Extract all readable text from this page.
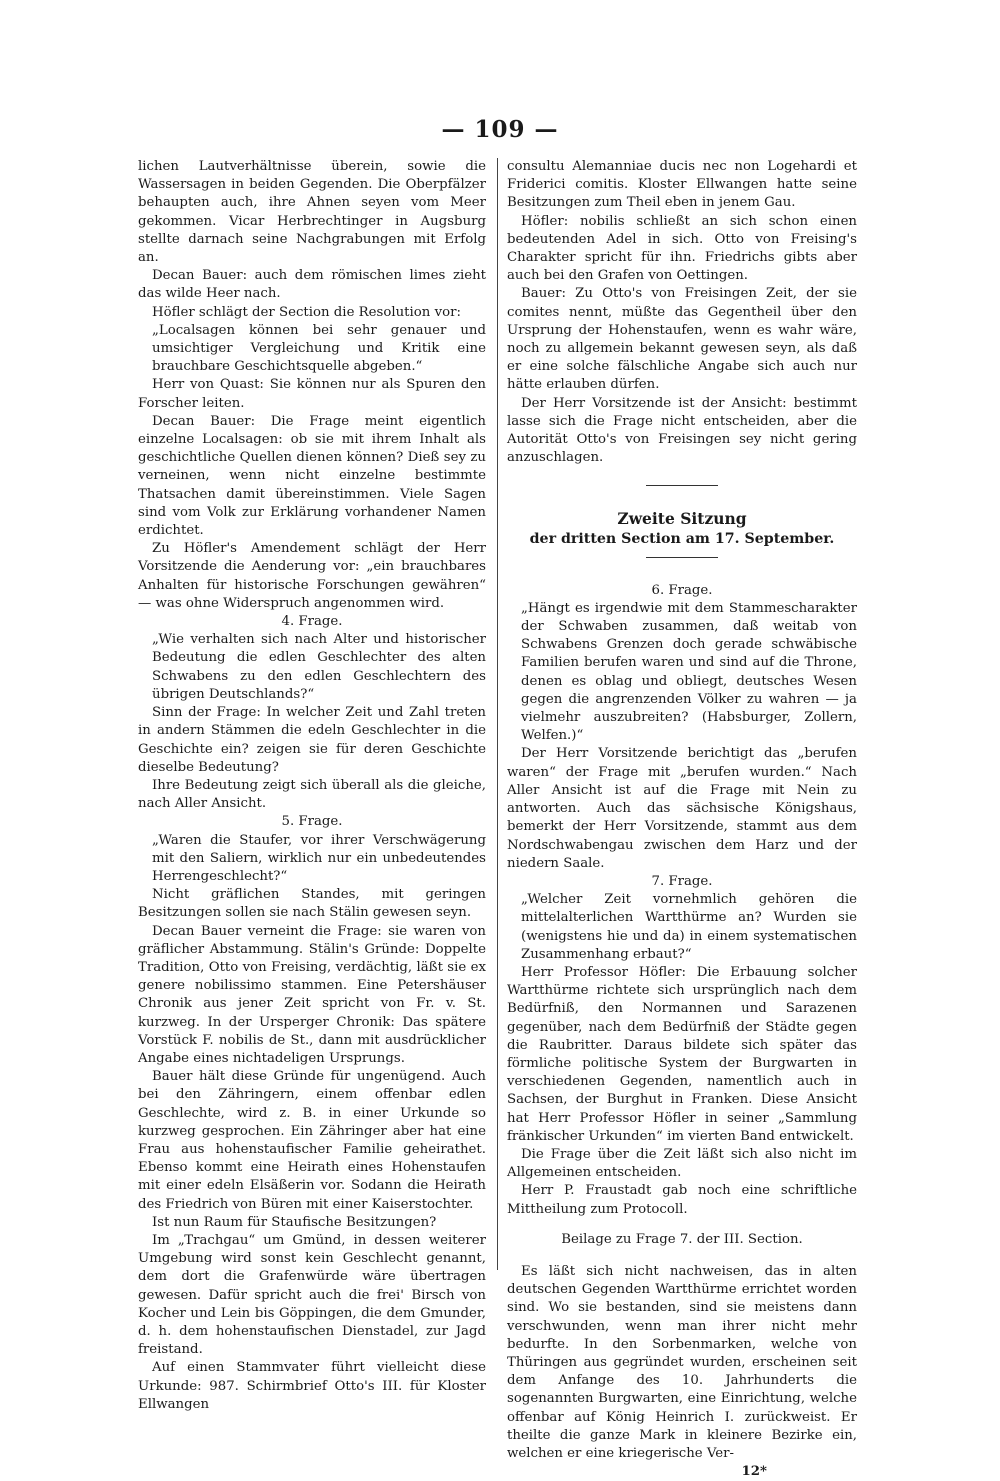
— 109 —

lichen Lautverhältnisse überein, sowie die Wassersagen in beiden Gegenden. Die Oberpfälzer behaupten auch, ihre Ahnen seyen vom Meer gekommen. Vicar Herbrechtinger in Augsburg stellte darnach seine Nachgrabungen mit Erfolg an.

Decan Bauer: auch dem römischen limes zieht das wilde Heer nach.

Höfler schlägt der Section die Resolution vor:

„Localsagen können bei sehr genauer und umsichtiger Vergleichung und Kritik eine brauchbare Geschichtsquelle abgeben.“

Herr von Quast: Sie können nur als Spuren den Forscher leiten.

Decan Bauer: Die Frage meint eigentlich einzelne Localsagen: ob sie mit ihrem Inhalt als geschichtliche Quellen dienen können? Dieß sey zu verneinen, wenn nicht einzelne bestimmte Thatsachen damit übereinstimmen. Viele Sagen sind vom Volk zur Erklärung vorhandener Namen erdichtet.

Zu Höfler's Amendement schlägt der Herr Vorsitzende die Aenderung vor: „ein brauchbares Anhalten für historische Forschungen gewähren“ — was ohne Widerspruch angenommen wird.

4. Frage.

„Wie verhalten sich nach Alter und historischer Bedeutung die edlen Geschlechter des alten Schwabens zu den edlen Geschlechtern des übrigen Deutschlands?“

Sinn der Frage: In welcher Zeit und Zahl treten in andern Stämmen die edeln Geschlechter in die Geschichte ein? zeigen sie für deren Geschichte dieselbe Bedeutung?

Ihre Bedeutung zeigt sich überall als die gleiche, nach Aller Ansicht.

5. Frage.

„Waren die Staufer, vor ihrer Verschwägerung mit den Saliern, wirklich nur ein unbedeutendes Herrengeschlecht?“

Nicht gräflichen Standes, mit geringen Besitzungen sollen sie nach Stälin gewesen seyn.

Decan Bauer verneint die Frage: sie waren von gräflicher Abstammung. Stälin's Gründe: Doppelte Tradition, Otto von Freising, verdächtig, läßt sie ex genere nobilissimo stammen. Eine Petershäuser Chronik aus jener Zeit spricht von Fr. v. St. kurzweg. In der Ursperger Chronik: Das spätere Vorstück F. nobilis de St., dann mit ausdrücklicher Angabe eines nichtadeligen Ursprungs.

Bauer hält diese Gründe für ungenügend. Auch bei den Zähringern, einem offenbar edlen Geschlechte, wird z. B. in einer Urkunde so kurzweg gesprochen. Ein Zähringer aber hat eine Frau aus hohenstaufischer Familie geheirathet. Ebenso kommt eine Heirath eines Hohenstaufen mit einer edeln Elsäßerin vor. Sodann die Heirath des Friedrich von Büren mit einer Kaiserstochter.

Ist nun Raum für Staufische Besitzungen?

Im „Trachgau“ um Gmünd, in dessen weiterer Umgebung wird sonst kein Geschlecht genannt, dem dort die Grafenwürde wäre übertragen gewesen. Dafür spricht auch die frei' Birsch von Kocher und Lein bis Göppingen, die dem Gmunder, d. h. dem hohenstaufischen Dienstadel, zur Jagd freistand.

Auf einen Stammvater führt vielleicht diese Urkunde: 987. Schirmbrief Otto's III. für Kloster Ellwangen

consultu Alemanniae ducis nec non Logehardi et Friderici comitis. Kloster Ellwangen hatte seine Besitzungen zum Theil eben in jenem Gau.

Höfler: nobilis schließt an sich schon einen bedeutenden Adel in sich. Otto von Freising's Charakter spricht für ihn. Friedrichs gibts aber auch bei den Grafen von Oettingen.

Bauer: Zu Otto's von Freisingen Zeit, der sie comites nennt, müßte das Gegentheil über den Ursprung der Hohenstaufen, wenn es wahr wäre, noch zu allgemein bekannt gewesen seyn, als daß er eine solche fälschliche Angabe sich auch nur hätte erlauben dürfen.

Der Herr Vorsitzende ist der Ansicht: bestimmt lasse sich die Frage nicht entscheiden, aber die Autorität Otto's von Freisingen sey nicht gering anzuschlagen.

Zweite Sitzung

der dritten Section am 17. September.

6. Frage.

„Hängt es irgendwie mit dem Stammescharakter der Schwaben zusammen, daß weitab von Schwabens Grenzen doch gerade schwäbische Familien berufen waren und sind auf die Throne, denen es oblag und obliegt, deutsches Wesen gegen die angrenzenden Völker zu wahren — ja vielmehr auszubreiten? (Habsburger, Zollern, Welfen.)“

Der Herr Vorsitzende berichtigt das „berufen waren“ der Frage mit „berufen wurden.“ Nach Aller Ansicht ist auf die Frage mit Nein zu antworten. Auch das sächsische Königshaus, bemerkt der Herr Vorsitzende, stammt aus dem Nordschwabengau zwischen dem Harz und der niedern Saale.

7. Frage.

„Welcher Zeit vornehmlich gehören die mittelalterlichen Wartthürme an? Wurden sie (wenigstens hie und da) in einem systematischen Zusammenhang erbaut?“

Herr Professor Höfler: Die Erbauung solcher Wartthürme richtete sich ursprünglich nach dem Bedürfniß, den Normannen und Sarazenen gegenüber, nach dem Bedürfniß der Städte gegen die Raubritter. Daraus bildete sich später das förmliche politische System der Burgwarten in verschiedenen Gegenden, namentlich auch in Sachsen, der Burghut in Franken. Diese Ansicht hat Herr Professor Höfler in seiner „Sammlung fränkischer Urkunden“ im vierten Band entwickelt.

Die Frage über die Zeit läßt sich also nicht im Allgemeinen entscheiden.

Herr P. Fraustadt gab noch eine schriftliche Mittheilung zum Protocoll.

Beilage zu Frage 7. der III. Section.

Es läßt sich nicht nachweisen, das in alten deutschen Gegenden Wartthürme errichtet worden sind. Wo sie bestanden, sind sie meistens dann verschwunden, wenn man ihrer nicht mehr bedurfte. In den Sorbenmarken, welche von Thüringen aus gegründet wurden, erscheinen seit dem Anfange des 10. Jahrhunderts die sogenannten Burgwarten, eine Einrichtung, welche offenbar auf König Heinrich I. zurückweist. Er theilte die ganze Mark in kleinere Bezirke ein, welchen er eine kriegerische Ver-

12*
